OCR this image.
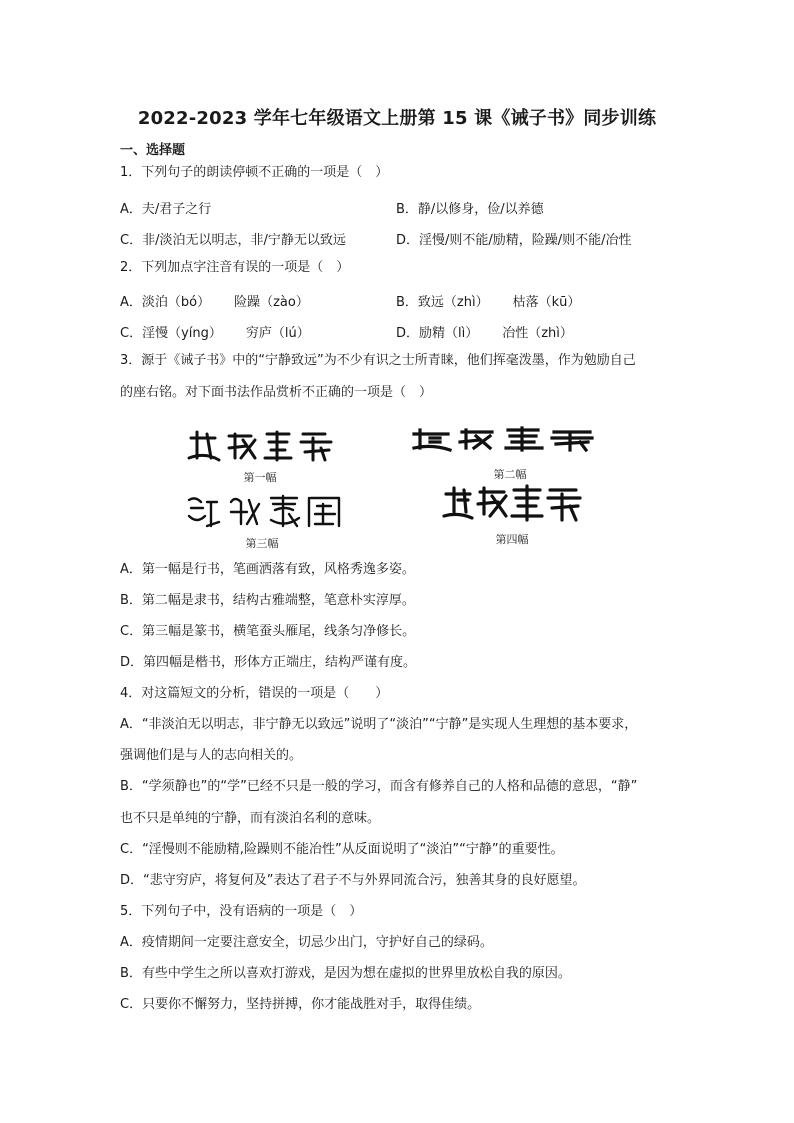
2022-2023 学年七年级语文上册第 15 课《诫子书》同步训练
一、选择题
1．下列句子的朗读停顿不正确的一项是（　）
A．夫/君子之行	B．静/以修身，俭/以养德
C．非/淡泊无以明志，非/宁静无以致远	D．淫慢/则不能/励精，险躁/则不能/冶性
2．下列加点字注音有误的一项是（　）
A．淡泊（bó） 险躁（zào）	B．致远（zhì） 枯落（kū）
C．淫慢（yíng） 穷庐（lú）	D．励精（lì） 冶性（zhì）
3．源于《诫子书》中的“宁静致远”为不少有识之士所青睐，他们挥毫泼墨，作为勉励自己
的座右铭。对下面书法作品赏析不正确的一项是（　）
第一幅	第二幅
第三幅	第四幅
A．第一幅是行书，笔画洒落有致，风格秀逸多姿。
B．第二幅是隶书，结构古雅端整，笔意朴实淳厚。
C．第三幅是篆书，横笔蚕头雁尾，线条匀净修长。
D．第四幅是楷书，形体方正端庄，结构严谨有度。
4．对这篇短文的分析，错误的一项是（　　）
A．“非淡泊无以明志，非宁静无以致远”说明了“淡泊”“宁静”是实现人生理想的基本要求，
强调他们是与人的志向相关的。
B．“学须静也”的“学”已经不只是一般的学习，而含有修养自己的人格和品德的意思，“静”
也不只是单纯的宁静，而有淡泊名利的意味。
C．“淫慢则不能励精,险躁则不能冶性”从反面说明了“淡泊”“宁静”的重要性。
D．“悲守穷庐，将复何及”表达了君子不与外界同流合污，独善其身的良好愿望。
5．下列句子中，没有语病的一项是（　）
A．疫情期间一定要注意安全，切忌少出门，守护好自己的绿码。
B．有些中学生之所以喜欢打游戏，是因为想在虚拟的世界里放松自我的原因。
C．只要你不懈努力，坚持拼搏，你才能战胜对手，取得佳绩。
